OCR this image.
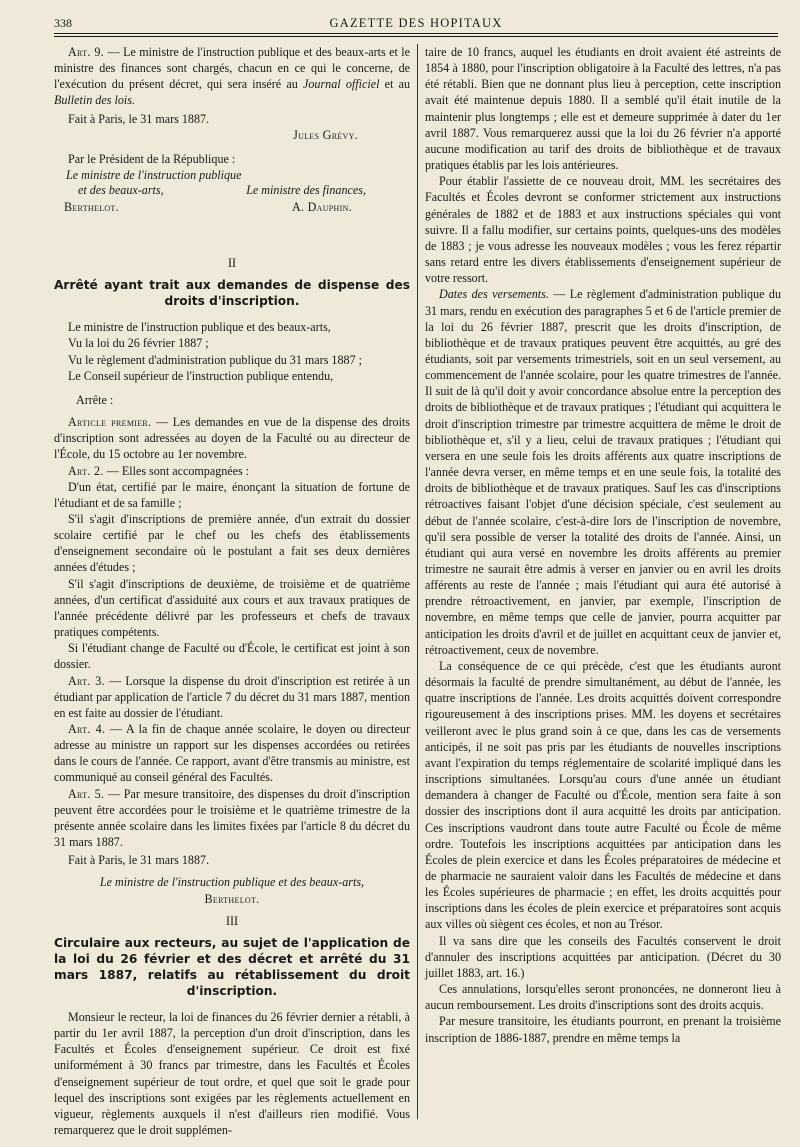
338	GAZETTE DES HOPITAUX

Art. 9. — Le ministre de l'instruction publique et des beaux-arts et le ministre des finances sont chargés, chacun en ce qui le concerne, de l'exécution du présent décret, qui sera inséré au Journal officiel et au Bulletin des lois.

Fait à Paris, le 31 mars 1887.

Jules Grévy.

Par le Président de la République :

Le ministre de l'instruction publique
et des beaux-arts,
Berthelot.
Le ministre des finances,
A. Dauphin.

II

Arrêté ayant trait aux demandes de dispense des droits d'inscription.

Le ministre de l'instruction publique et des beaux-arts,

Vu la loi du 26 février 1887 ;

Vu le règlement d'administration publique du 31 mars 1887 ;

Le Conseil supérieur de l'instruction publique entendu,

Arrête :

Article premier. — Les demandes en vue de la dispense des droits d'inscription sont adressées au doyen de la Faculté ou au directeur de l'École, du 15 octobre au 1er novembre.

Art. 2. — Elles sont accompagnées :

D'un état, certifié par le maire, énonçant la situation de fortune de l'étudiant et de sa famille ;

S'il s'agit d'inscriptions de première année, d'un extrait du dossier scolaire certifié par le chef ou les chefs des établissements d'enseignement secondaire où le postulant a fait ses deux dernières années d'études ;

S'il s'agit d'inscriptions de deuxième, de troisième et de quatrième années, d'un certificat d'assiduité aux cours et aux travaux pratiques de l'année précédente délivré par les professeurs et chefs de travaux pratiques compétents.

Si l'étudiant change de Faculté ou d'École, le certificat est joint à son dossier.

Art. 3. — Lorsque la dispense du droit d'inscription est retirée à un étudiant par application de l'article 7 du décret du 31 mars 1887, mention en est faite au dossier de l'étudiant.

Art. 4. — A la fin de chaque année scolaire, le doyen ou directeur adresse au ministre un rapport sur les dispenses accordées ou retirées dans le cours de l'année. Ce rapport, avant d'être transmis au ministre, est communiqué au conseil général des Facultés.

Art. 5. — Par mesure transitoire, des dispenses du droit d'inscription peuvent être accordées pour le troisième et le quatrième trimestre de la présente année scolaire dans les limites fixées par l'article 8 du décret du 31 mars 1887.

Fait à Paris, le 31 mars 1887.

Le ministre de l'instruction publique et des beaux-arts,

Berthelot.

III

Circulaire aux recteurs, au sujet de l'application de la loi du 26 février et des décret et arrêté du 31 mars 1887, relatifs au rétablissement du droit d'inscription.

Monsieur le recteur, la loi de finances du 26 février dernier a rétabli, à partir du 1er avril 1887, la perception d'un droit d'inscription, dans les Facultés et Écoles d'enseignement supérieur. Ce droit est fixé uniformément à 30 francs par trimestre, dans les Facultés et Écoles d'enseignement supérieur de tout ordre, et quel que soit le grade pour lequel des inscriptions sont exigées par les règlements actuellement en vigueur, règlements auxquels il n'est d'ailleurs rien modifié. Vous remarquerez que le droit supplémen-

taire de 10 francs, auquel les étudiants en droit avaient été astreints de 1854 à 1880, pour l'inscription obligatoire à la Faculté des lettres, n'a pas été rétabli. Bien que ne donnant plus lieu à perception, cette inscription avait été maintenue depuis 1880. Il a semblé qu'il était inutile de la maintenir plus longtemps ; elle est et demeure supprimée à dater du 1er avril 1887. Vous remarquerez aussi que la loi du 26 février n'a apporté aucune modification au tarif des droits de bibliothèque et de travaux pratiques établis par les lois antérieures.

Pour établir l'assiette de ce nouveau droit, MM. les secrétaires des Facultés et Écoles devront se conformer strictement aux instructions générales de 1882 et de 1883 et aux instructions spéciales qui vont suivre. Il a fallu modifier, sur certains points, quelques-uns des modèles de 1883 ; je vous adresse les nouveaux modèles ; vous les ferez répartir sans retard entre les divers établissements d'enseignement supérieur de votre ressort.

Dates des versements. — Le règlement d'administration publique du 31 mars, rendu en exécution des paragraphes 5 et 6 de l'article premier de la loi du 26 février 1887, prescrit que les droits d'inscription, de bibliothèque et de travaux pratiques peuvent être acquittés, au gré des étudiants, soit par versements trimestriels, soit en un seul versement, au commencement de l'année scolaire, pour les quatre trimestres de l'année. Il suit de là qu'il doit y avoir concordance absolue entre la perception des droits de bibliothèque et de travaux pratiques ; l'étudiant qui acquittera le droit d'inscription trimestre par trimestre acquittera de même le droit de bibliothèque et, s'il y a lieu, celui de travaux pratiques ; l'étudiant qui versera en une seule fois les droits afférents aux quatre inscriptions de l'année devra verser, en même temps et en une seule fois, la totalité des droits de bibliothèque et de travaux pratiques. Sauf les cas d'inscriptions rétroactives faisant l'objet d'une décision spéciale, c'est seulement au début de l'année scolaire, c'est-à-dire lors de l'inscription de novembre, qu'il sera possible de verser la totalité des droits de l'année. Ainsi, un étudiant qui aura versé en novembre les droits afférents au premier trimestre ne saurait être admis à verser en janvier ou en avril les droits afférents au reste de l'année ; mais l'étudiant qui aura été autorisé à prendre rétroactivement, en janvier, par exemple, l'inscription de novembre, en même temps que celle de janvier, pourra acquitter par anticipation les droits d'avril et de juillet en acquittant ceux de janvier et, rétroactivement, ceux de novembre.

La conséquence de ce qui précède, c'est que les étudiants auront désormais la faculté de prendre simultanément, au début de l'année, les quatre inscriptions de l'année. Les droits acquittés doivent correspondre rigoureusement à des inscriptions prises. MM. les doyens et secrétaires veilleront avec le plus grand soin à ce que, dans les cas de versements anticipés, il ne soit pas pris par les étudiants de nouvelles inscriptions avant l'expiration du temps réglementaire de scolarité impliqué dans les inscriptions simultanées. Lorsqu'au cours d'une année un étudiant demandera à changer de Faculté ou d'École, mention sera faite à son dossier des inscriptions dont il aura acquitté les droits par anticipation. Ces inscriptions vaudront dans toute autre Faculté ou École de même ordre. Toutefois les inscriptions acquittées par anticipation dans les Écoles de plein exercice et dans les Écoles préparatoires de médecine et de pharmacie ne sauraient valoir dans les Facultés de médecine et dans les Écoles supérieures de pharmacie ; en effet, les droits acquittés pour inscriptions dans les écoles de plein exercice et préparatoires sont acquis aux villes où siègent ces écoles, et non au Trésor.

Il va sans dire que les conseils des Facultés conservent le droit d'annuler des inscriptions acquittées par anticipation. (Décret du 30 juillet 1883, art. 16.)

Ces annulations, lorsqu'elles seront prononcées, ne donneront lieu à aucun remboursement. Les droits d'inscriptions sont des droits acquis.

Par mesure transitoire, les étudiants pourront, en prenant la troisième inscription de 1886-1887, prendre en même temps la
